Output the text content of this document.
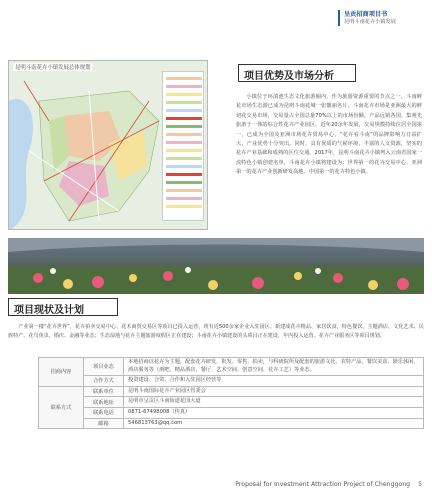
呈贡招商项目书
昆明斗南花卉小镇发展
昆明斗南花卉小镇发展总体规划
项目优势及市场分析

小镇位于环滇池生态文化旅游圈内，作为旅游资源重要的节点之一，斗南鲜花市场生态游已成为昆明斗南花城一张靓丽名片。斗南花卉市场是亚洲最大的鲜切花交易市场，交易量占全国总量70%以上的市场份额，产品远销各国，集观光旅游于一体的综合性花卉产业园区。近年20余年发展，交易规模持续位居全国第一，已成为全国及亚洲市场花卉贸易中心，“花卉看斗南”的品牌影响力日益扩大，产业优势十分突出。同时，具有优质的气候环境、丰富的人文资源，坚实的花卉产业基础和成熟的区位交通。2017年，昆明斗南花卉小镇列入云南省国家一流特色小镇创建名单，斗南花卉小镇将建设为：世界第一的花卉交易中心、亚洲第一的花卉产业创新研发高地、中国第一的花卉特色小镇。

项目现状及计划

产业第一楼“花卉世界”，花卉拍卖交易中心、花木商贸交易区等项目已投入运营，现有近500余家企业入驻园区。新建成花卉精品、家居饮食、特色餐饮、主题酒店、文化艺术、民族特产、花鸟鱼虫、婚庆、金融等业态；生态湿地与花卉主题旅游度假区正在建设；斗南花卉小镇建设的头项目正在建设，年内投入运营。花卉产业服务区等项目规划。

招商内容	项目业态	本地招商以花卉为主题，配套花卉研发、批发、零售、拍卖，与科研院所及配套的旅游文化、农特产品、餐饮美食、娱乐休闲、酒店服务等（酒吧、精品酒店、餐厅、艺术空间、创意空间、花卉工艺）等业态。
	合作方式	投资建设、合资、合作和入驻园区经营等
联系方式	联系单位	昆明斗南国际花卉产业园区管委会
	联系地址	昆明市呈贡区斗南街道花园大道
	联系电话	0871-67498008（传真）
	邮箱	546813763@qq.com
Proposal for Investment Attraction Project of Chenggong 5
